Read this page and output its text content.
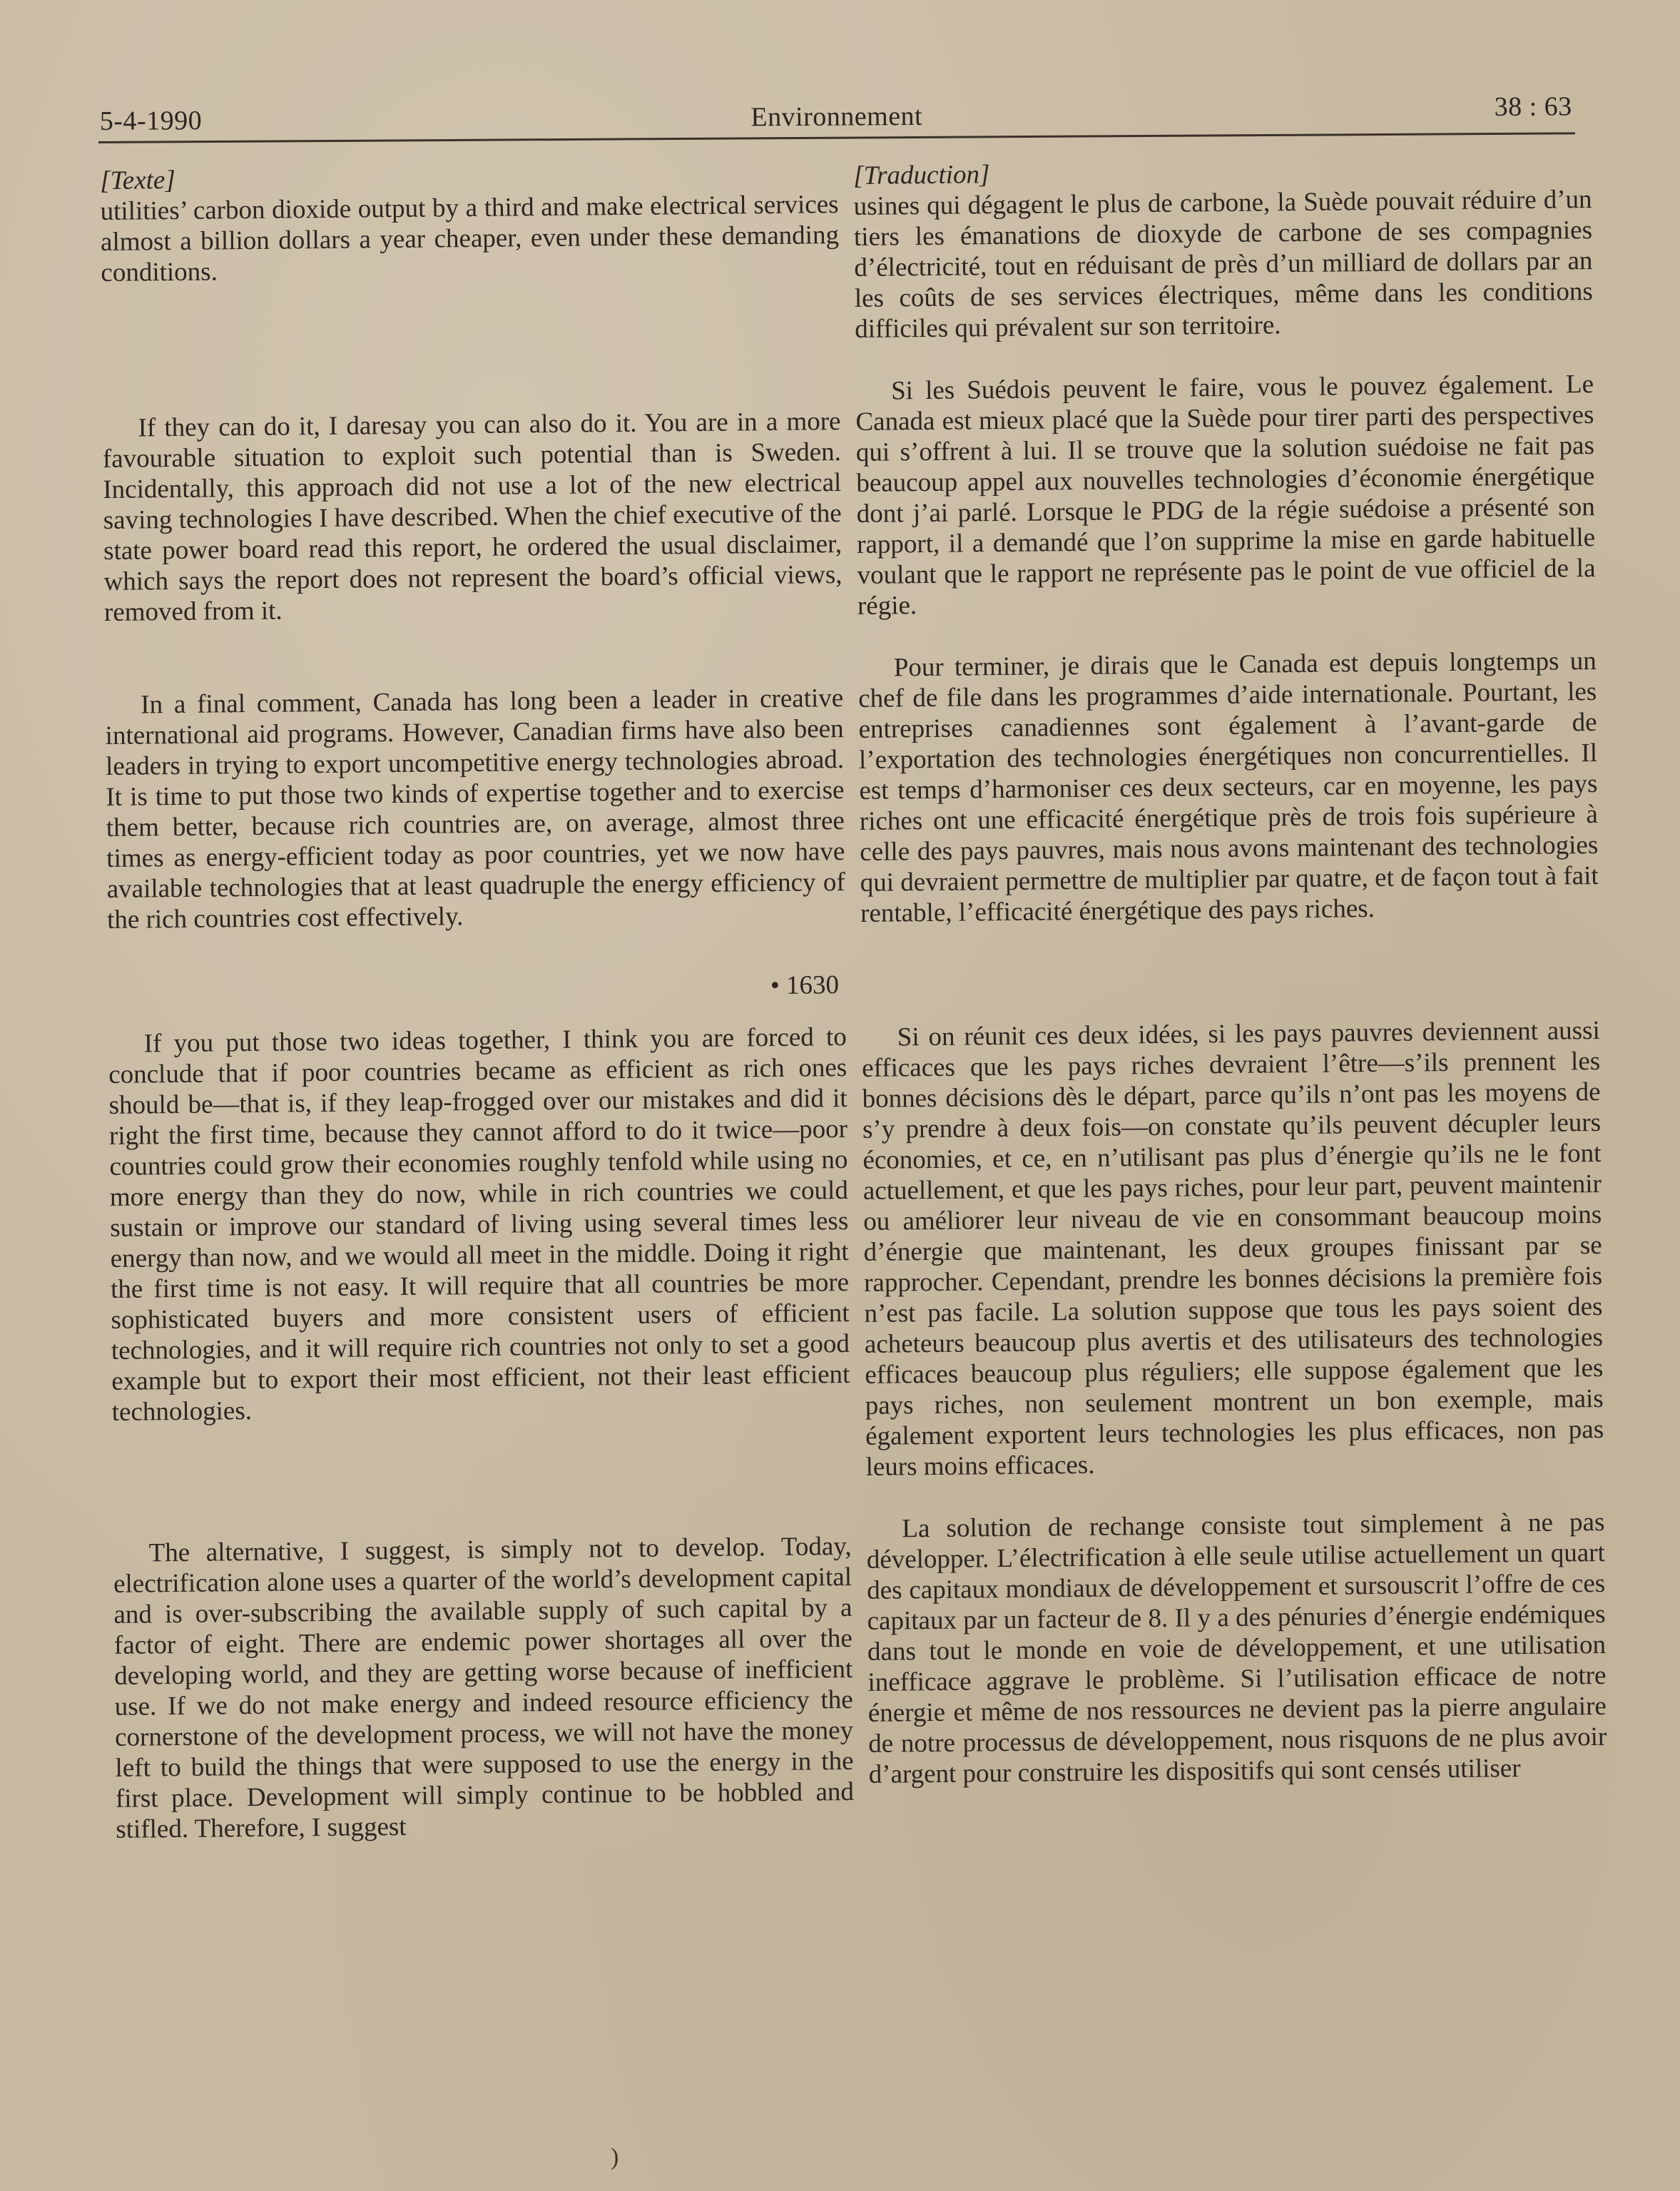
5-4-1990	Environnement	38 : 63
[Texte]

utilities’ carbon dioxide output by a third and make electrical services almost a billion dollars a year cheaper, even under these demanding conditions.

If they can do it, I daresay you can also do it. You are in a more favourable situation to exploit such potential than is Sweden. Incidentally, this approach did not use a lot of the new electrical saving technologies I have described. When the chief executive of the state power board read this report, he ordered the usual disclaimer, which says the report does not represent the board’s official views, removed from it.

In a final comment, Canada has long been a leader in creative international aid programs. However, Canadian firms have also been leaders in trying to export uncompetitive energy technologies abroad. It is time to put those two kinds of expertise together and to exercise them better, because rich countries are, on average, almost three times as energy-efficient today as poor countries, yet we now have available technologies that at least quadruple the energy efficiency of the rich countries cost effectively.

• 1630

If you put those two ideas together, I think you are forced to conclude that if poor countries became as efficient as rich ones should be—that is, if they leap-frogged over our mistakes and did it right the first time, because they cannot afford to do it twice—poor countries could grow their economies roughly tenfold while using no more energy than they do now, while in rich countries we could sustain or improve our standard of living using several times less energy than now, and we would all meet in the middle. Doing it right the first time is not easy. It will require that all countries be more sophisticated buyers and more consistent users of efficient technologies, and it will require rich countries not only to set a good example but to export their most efficient, not their least efficient technologies.

The alternative, I suggest, is simply not to develop. Today, electrification alone uses a quarter of the world’s development capital and is over-subscribing the available supply of such capital by a factor of eight. There are endemic power shortages all over the developing world, and they are getting worse because of inefficient use. If we do not make energy and indeed resource efficiency the cornerstone of the development process, we will not have the money left to build the things that were supposed to use the energy in the first place. Development will simply continue to be hobbled and stifled. Therefore, I suggest

[Traduction]

usines qui dégagent le plus de carbone, la Suède pouvait réduire d’un tiers les émanations de dioxyde de carbone de ses compagnies d’électricité, tout en réduisant de près d’un milliard de dollars par an les coûts de ses services électriques, même dans les conditions difficiles qui prévalent sur son territoire.

Si les Suédois peuvent le faire, vous le pouvez également. Le Canada est mieux placé que la Suède pour tirer parti des perspectives qui s’offrent à lui. Il se trouve que la solution suédoise ne fait pas beaucoup appel aux nouvelles technologies d’économie énergétique dont j’ai parlé. Lorsque le PDG de la régie suédoise a présenté son rapport, il a demandé que l’on supprime la mise en garde habituelle voulant que le rapport ne représente pas le point de vue officiel de la régie.

Pour terminer, je dirais que le Canada est depuis longtemps un chef de file dans les programmes d’aide internationale. Pourtant, les entreprises canadiennes sont également à l’avant-garde de l’exportation des technologies énergétiques non concurrentielles. Il est temps d’harmoniser ces deux secteurs, car en moyenne, les pays riches ont une efficacité énergétique près de trois fois supérieure à celle des pays pauvres, mais nous avons maintenant des technologies qui devraient permettre de multiplier par quatre, et de façon tout à fait rentable, l’efficacité énergétique des pays riches.

Si on réunit ces deux idées, si les pays pauvres deviennent aussi efficaces que les pays riches devraient l’être—s’ils prennent les bonnes décisions dès le départ, parce qu’ils n’ont pas les moyens de s’y prendre à deux fois—on constate qu’ils peuvent décupler leurs économies, et ce, en n’utilisant pas plus d’énergie qu’ils ne le font actuellement, et que les pays riches, pour leur part, peuvent maintenir ou améliorer leur niveau de vie en consommant beaucoup moins d’énergie que maintenant, les deux groupes finissant par se rapprocher. Cependant, prendre les bonnes décisions la première fois n’est pas facile. La solution suppose que tous les pays soient des acheteurs beaucoup plus avertis et des utilisateurs des technologies efficaces beaucoup plus réguliers; elle suppose également que les pays riches, non seulement montrent un bon exemple, mais également exportent leurs technologies les plus efficaces, non pas leurs moins efficaces.

La solution de rechange consiste tout simplement à ne pas développer. L’électrification à elle seule utilise actuellement un quart des capitaux mondiaux de développement et sursouscrit l’offre de ces capitaux par un facteur de 8. Il y a des pénuries d’énergie endémiques dans tout le monde en voie de développement, et une utilisation inefficace aggrave le problème. Si l’utilisation efficace de notre énergie et même de nos ressources ne devient pas la pierre angulaire de notre processus de développement, nous risquons de ne plus avoir d’argent pour construire les dispositifs qui sont censés utiliser

)
